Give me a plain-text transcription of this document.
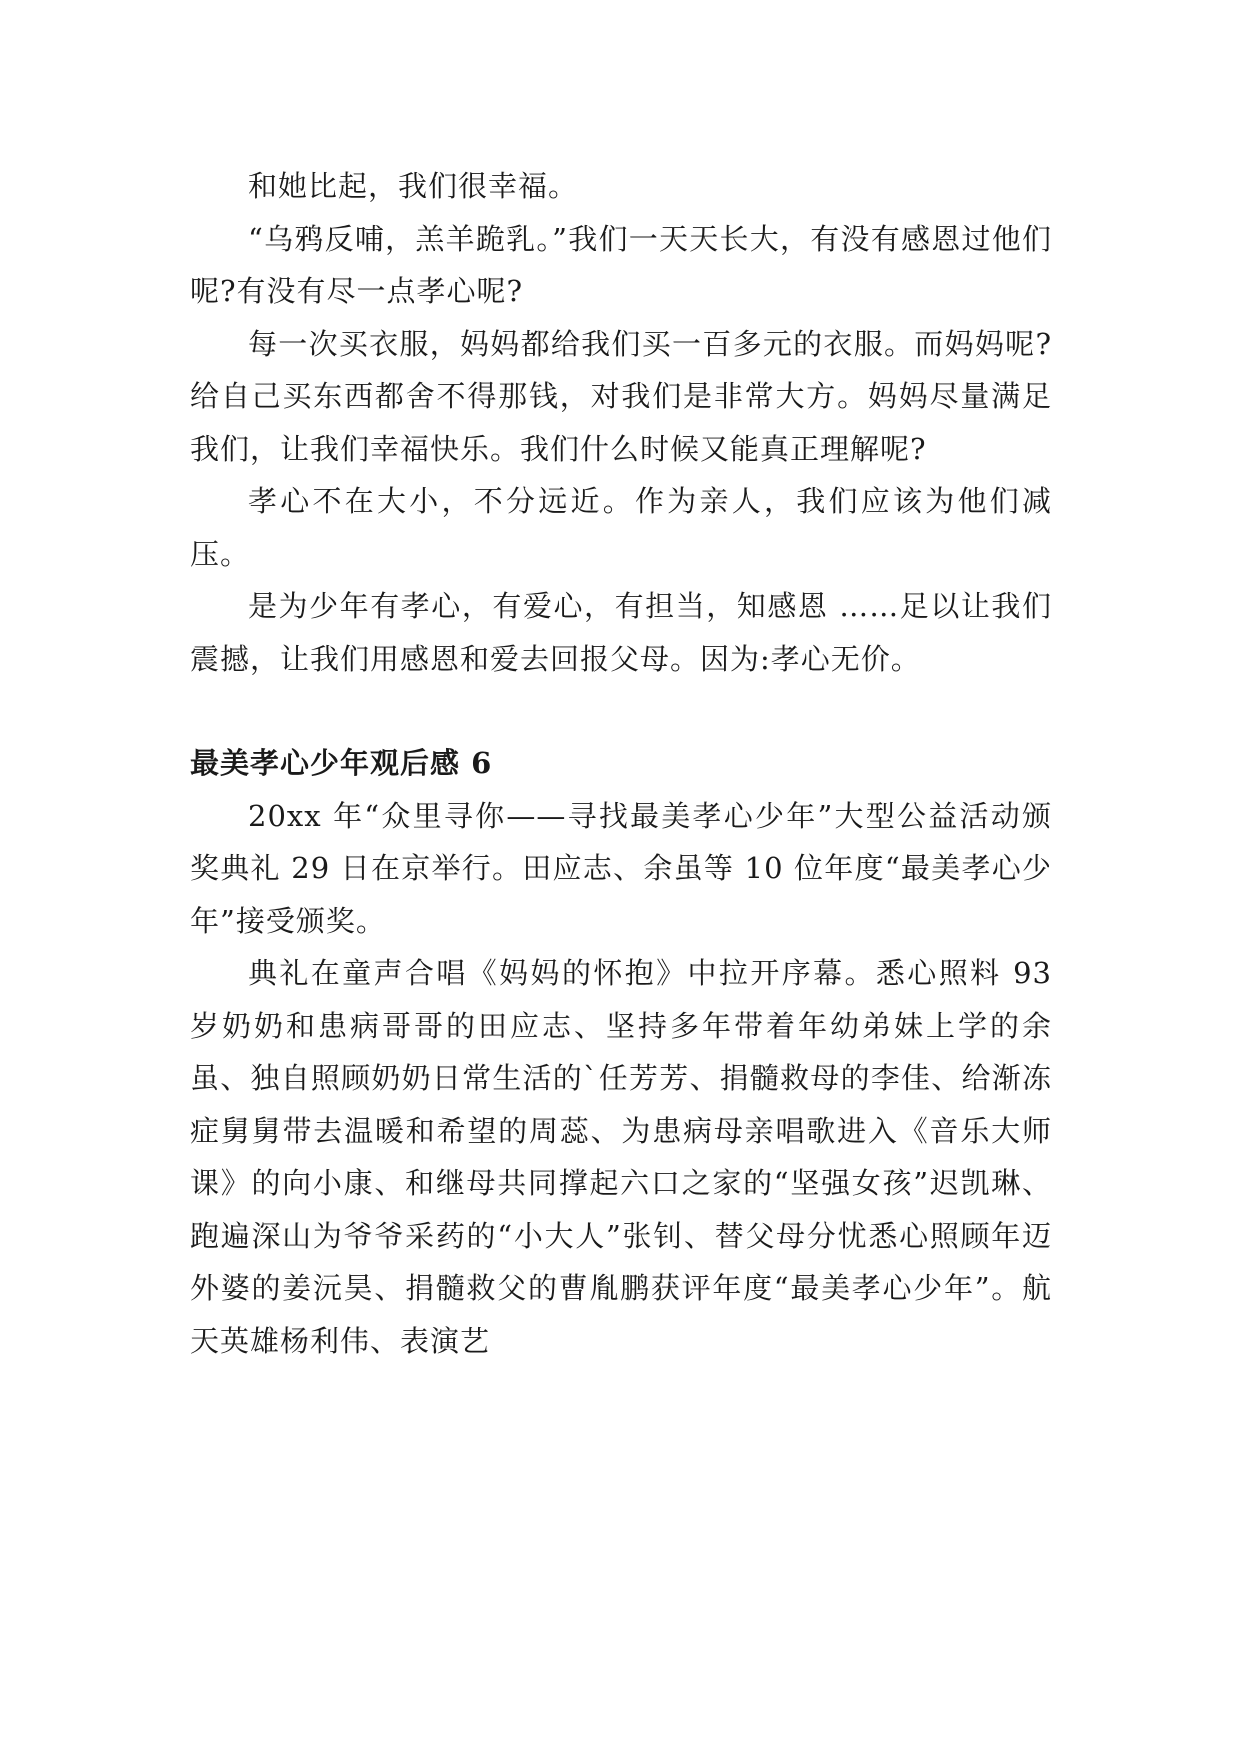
和她比起，我们很幸福。

“乌鸦反哺，羔羊跪乳。”我们一天天长大，有没有感恩过他们呢?有没有尽一点孝心呢?

每一次买衣服，妈妈都给我们买一百多元的衣服。而妈妈呢?给自己买东西都舍不得那钱，对我们是非常大方。妈妈尽量满足我们，让我们幸福快乐。我们什么时候又能真正理解呢?

孝心不在大小，不分远近。作为亲人，我们应该为他们减压。

是为少年有孝心，有爱心，有担当，知感恩 ……足以让我们震撼，让我们用感恩和爱去回报父母。因为:孝心无价。

最美孝心少年观后感 6

20xx 年“众里寻你——寻找最美孝心少年”大型公益活动颁奖典礼 29 日在京举行。田应志、余虽等 10 位年度“最美孝心少年”接受颁奖。

典礼在童声合唱《妈妈的怀抱》中拉开序幕。悉心照料 93 岁奶奶和患病哥哥的田应志、坚持多年带着年幼弟妹上学的余虽、独自照顾奶奶日常生活的`任芳芳、捐髓救母的李佳、给渐冻症舅舅带去温暖和希望的周蕊、为患病母亲唱歌进入《音乐大师课》的向小康、和继母共同撑起六口之家的“坚强女孩”迟凯琳、跑遍深山为爷爷采药的“小大人”张钊、替父母分忧悉心照顾年迈外婆的姜沅昊、捐髓救父的曹胤鹏获评年度“最美孝心少年”。航天英雄杨利伟、表演艺
